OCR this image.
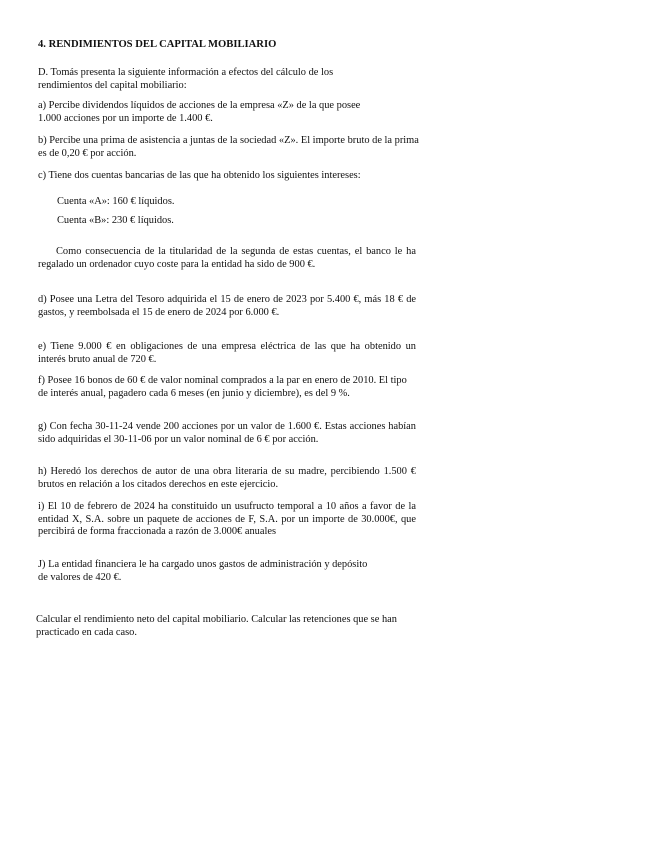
4. RENDIMIENTOS DEL CAPITAL MOBILIARIO

D. Tomás presenta la siguiente información a efectos del cálculo de los rendimientos del capital mobiliario:

a) Percibe dividendos líquidos de acciones de la empresa «Z» de la que posee 1.000 acciones por un importe de 1.400 €.

b) Percibe una prima de asistencia a juntas de la sociedad «Z». El importe bruto de la prima es de 0,20 € por acción.

c) Tiene dos cuentas bancarias de las que ha obtenido los siguientes intereses:

Cuenta «A»: 160 € líquidos.

Cuenta «B»: 230 € líquidos.

Como consecuencia de la titularidad de la segunda de estas cuentas, el banco le ha regalado un ordenador cuyo coste para la entidad ha sido de 900 €.

d) Posee una Letra del Tesoro adquirida el 15 de enero de 2023 por 5.400 €, más 18 € de gastos, y reembolsada el 15 de enero de 2024 por 6.000 €.

e) Tiene 9.000 € en obligaciones de una empresa eléctrica de las que ha obtenido un interés bruto anual de 720 €.

f) Posee 16 bonos de 60 € de valor nominal comprados a la par en enero de 2010. El tipo de interés anual, pagadero cada 6 meses (en junio y diciembre), es del 9 %.

g) Con fecha 30-11-24 vende 200 acciones por un valor de 1.600 €. Estas acciones habían sido adquiridas el 30-11-06 por un valor nominal de 6 € por acción.

h) Heredó los derechos de autor de una obra literaria de su madre, percibiendo 1.500 € brutos en relación a los citados derechos en este ejercicio.

i) El 10 de febrero de 2024 ha constituido un usufructo temporal a 10 años a favor de la entidad X, S.A. sobre un paquete de acciones de F, S.A. por un importe de 30.000€, que percibirá de forma fraccionada a razón de 3.000€ anuales

J) La entidad financiera le ha cargado unos gastos de administración y depósito de valores de 420 €.

Calcular el rendimiento neto del capital mobiliario. Calcular las retenciones que se han practicado en cada caso.
